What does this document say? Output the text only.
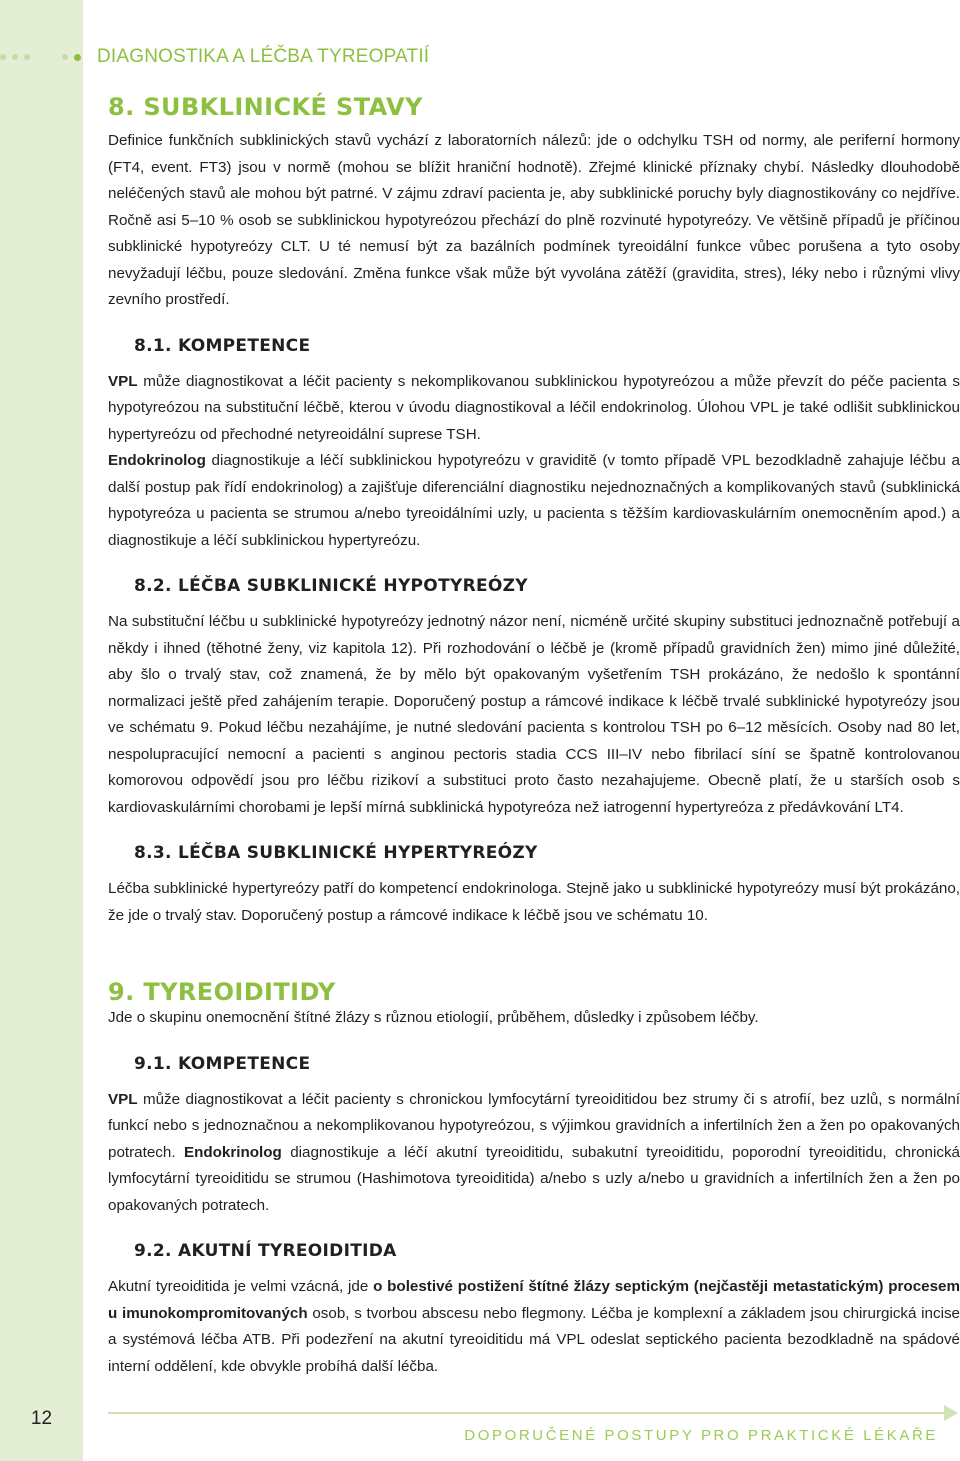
DIAGNOSTIKA A LÉČBA TYREOPATIÍ
8. SUBKLINICKÉ STAVY

Definice funkčních subklinických stavů vychází z laboratorních nálezů: jde o odchylku TSH od normy, ale periferní hormony (FT4, event. FT3) jsou v normě (mohou se blížit hraniční hodnotě). Zřejmé klinické příznaky chybí. Následky dlouhodobě neléčených stavů ale mohou být patrné. V zájmu zdraví pacienta je, aby subklinické poruchy byly diagnostikovány co nejdříve. Ročně asi 5–10 % osob se subklinickou hypotyreózou přechází do plně rozvinuté hypotyreózy. Ve většině případů je příčinou subklinické hypotyreózy CLT. U té nemusí být za bazálních podmínek tyreoidální funkce vůbec porušena a tyto osoby nevyžadují léčbu, pouze sledování. Změna funkce však může být vyvolána zátěží (gravidita, stres), léky nebo i různými vlivy zevního prostředí.

8.1. KOMPETENCE

VPL může diagnostikovat a léčit pacienty s nekomplikovanou subklinickou hypotyreózou a může převzít do péče pacienta s hypotyreózou na substituční léčbě, kterou v úvodu diagnostikoval a léčil endokrinolog. Úlohou VPL je také odlišit subklinickou hypertyreózu od přechodné netyreoidální suprese TSH.

Endokrinolog diagnostikuje a léčí subklinickou hypotyreózu v graviditě (v tomto případě VPL bezodkladně zahajuje léčbu a další postup pak řídí endokrinolog) a zajišťuje diferenciální diagnostiku nejednoznačných a komplikovaných stavů (subklinická hypotyreóza u pacienta se strumou a/nebo tyreoidálními uzly, u pacienta s těžším kardiovaskulárním onemocněním apod.) a diagnostikuje a léčí subklinickou hypertyreózu.

8.2. LÉČBA SUBKLINICKÉ HYPOTYREÓZY

Na substituční léčbu u subklinické hypotyreózy jednotný názor není, nicméně určité skupiny substituci jednoznačně potřebují a někdy i ihned (těhotné ženy, viz kapitola 12). Při rozhodování o léčbě je (kromě případů gravidních žen) mimo jiné důležité, aby šlo o trvalý stav, což znamená, že by mělo být opakovaným vyšetřením TSH prokázáno, že nedošlo k spontánní normalizaci ještě před zahájením terapie. Doporučený postup a rámcové indikace k léčbě trvalé subklinické hypotyreózy jsou ve schématu 9. Pokud léčbu nezahájíme, je nutné sledování pacienta s kontrolou TSH po 6–12 měsících. Osoby nad 80 let, nespolupracující nemocní a pacienti s anginou pectoris stadia CCS III–IV nebo fibrilací síní se špatně kontrolovanou komorovou odpovědí jsou pro léčbu rizikoví a substituci proto často nezahajujeme. Obecně platí, že u starších osob s kardiovaskulárními chorobami je lepší mírná subklinická hypotyreóza než iatrogenní hypertyreóza z předávkování LT4.

8.3. LÉČBA SUBKLINICKÉ HYPERTYREÓZY

Léčba subklinické hypertyreózy patří do kompetencí endokrinologa. Stejně jako u subklinické hypotyreózy musí být prokázáno, že jde o trvalý stav. Doporučený postup a rámcové indikace k léčbě jsou ve schématu 10.

9. TYREOIDITIDY

Jde o skupinu onemocnění štítné žlázy s různou etiologií, průběhem, důsledky i způsobem léčby.

9.1. KOMPETENCE

VPL může diagnostikovat a léčit pacienty s chronickou lymfocytární tyreoiditidou bez strumy či s atrofií, bez uzlů, s normální funkcí nebo s jednoznačnou a nekomplikovanou hypotyreózou, s výjimkou gravidních a infertilních žen a žen po opakovaných potratech. Endokrinolog diagnostikuje a léčí akutní tyreoiditidu, subakutní tyreoiditidu, poporodní tyreoiditidu, chronická lymfocytární tyreoiditidu se strumou (Hashimotova tyreoiditida) a/nebo s uzly a/nebo u gravidních a infertilních žen a žen po opakovaných potratech.

9.2. AKUTNÍ TYREOIDITIDA

Akutní tyreoiditida je velmi vzácná, jde o bolestivé postižení štítné žlázy septickým (nejčastěji metastatickým) procesem u imunokompromitovaných osob, s tvorbou abscesu nebo flegmony. Léčba je komplexní a základem jsou chirurgická incise a systémová léčba ATB. Při podezření na akutní tyreoiditidu má VPL odeslat septického pacienta bezodkladně na spádové interní oddělení, kde obvykle probíhá další léčba.

12
DOPORUČENÉ POSTUPY PRO PRAKTICKÉ LÉKAŘE
